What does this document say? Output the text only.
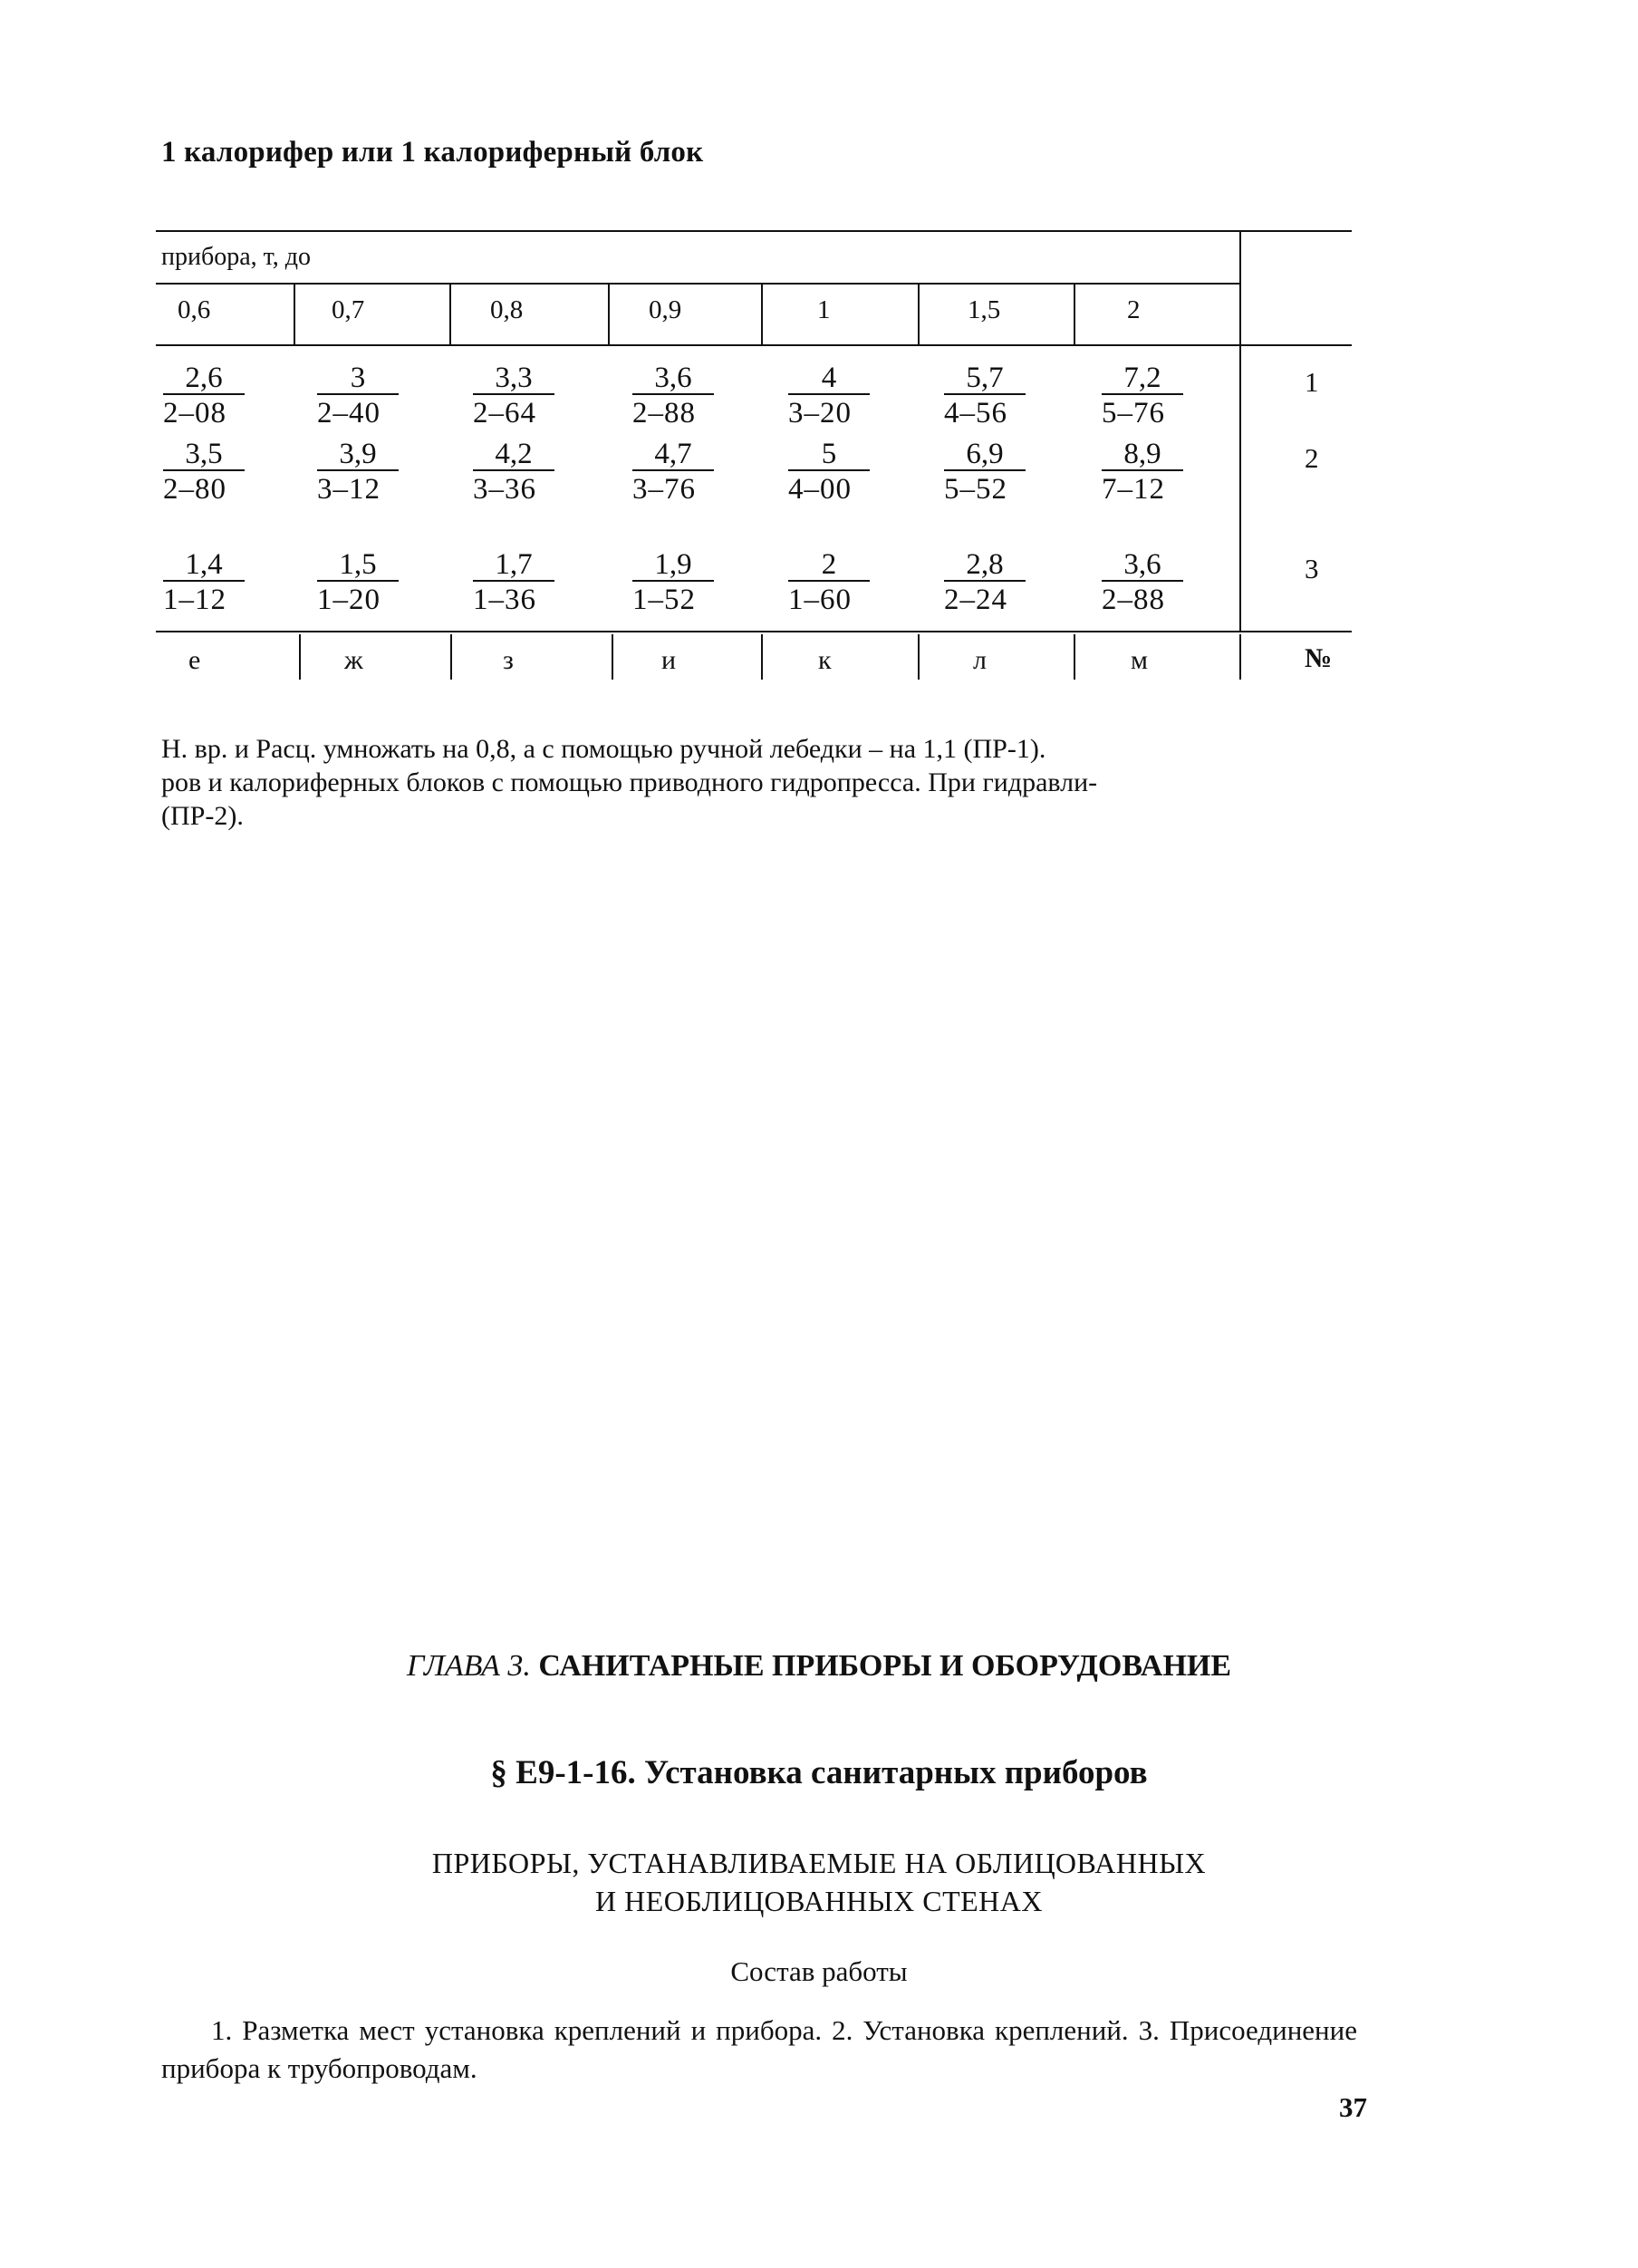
1 калорифер или 1 калориферный блок
прибора, т, до
0,6	0,7	0,8	0,9	1	1,5	2
$\frac{2,6}{2-08} \frac{3}{2-40} \frac{3,3}{2-64} \frac{3,6}{2-88} \frac{4}{3-20} \frac{5,7}{4-56} \frac{7,2}{5-76}$	1
$\frac{3,5}{2-80} \frac{3,9}{3-12} \frac{4,2}{3-36} \frac{4,7}{3-76} \frac{5}{4-00} \frac{6,9}{5-52} \frac{8,9}{7-12}$	2
$\frac{1,4}{1-12} \frac{1,5}{1-20} \frac{1,7}{1-36} \frac{1,9}{1-52} \frac{2}{1-60} \frac{2,8}{2-24} \frac{3,6}{2-88}$	3
е	ж	з	и	к	л	м	№
Н. вр. и Расц. умножать на 0,8, а с помощью ручной лебедки – на 1,1 (ПР-1).
ров и калориферных блоков с помощью приводного гидропресса. При гидравли-
(ПР-2).
ГЛАВА 3. САНИТАРНЫЕ ПРИБОРЫ И ОБОРУДОВАНИЕ
§ Е9-1-16. Установка санитарных приборов
ПРИБОРЫ, УСТАНАВЛИВАЕМЫЕ НА ОБЛИЦОВАННЫХ
И НЕОБЛИЦОВАННЫХ СТЕНАХ
Состав работы
1. Разметка мест установка креплений и прибора. 2. Установка креплений. 3. Присоединение прибора к трубопроводам.
37
